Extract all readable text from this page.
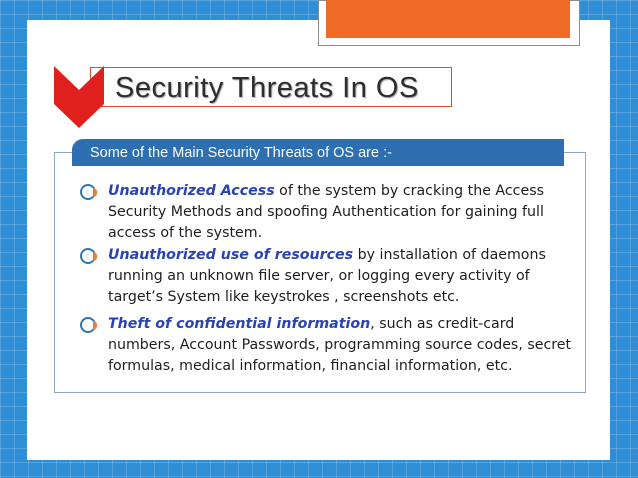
Security Threats In OS
Some of the Main Security Threats of OS are :-
Unauthorized Access of the system by cracking the Access Security Methods and spoofing Authentication for gaining full access of the system.
Unauthorized use of resources by installation of daemons running an unknown file server, or logging every activity of target’s System like keystrokes , screenshots etc.
Theft of confidential information, such as credit-card numbers, Account Passwords, programming source codes, secret formulas, medical information, financial information, etc.
